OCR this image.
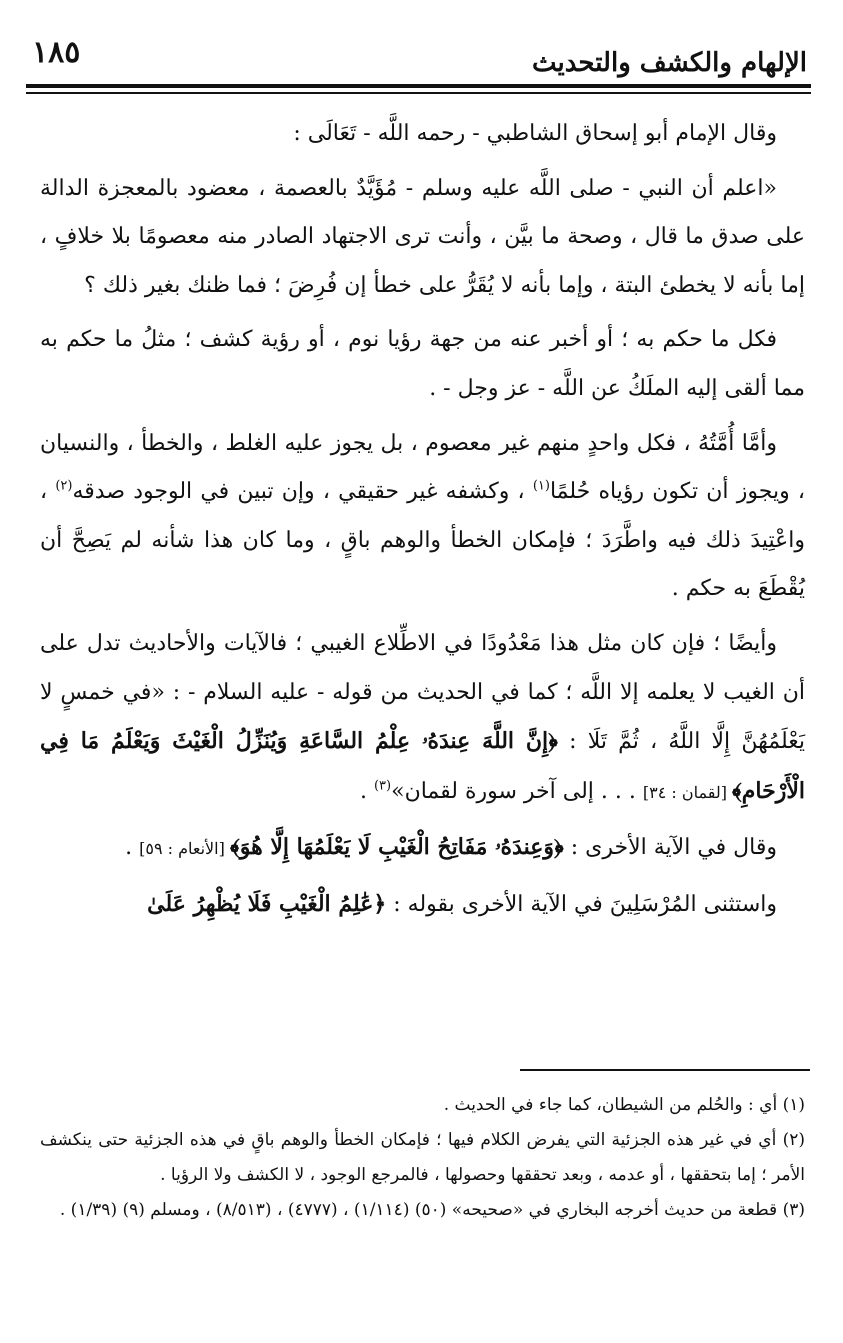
١٨٥	الإلهام والكشف والتحديث

وقال الإمام أبو إسحاق الشاطبي - رحمه اللَّه - تَعَالَى :

«اعلم أن النبي - صلى اللَّه عليه وسلم - مُؤَيَّدٌ بالعصمة ، معضود بالمعجزة الدالة على صدق ما قال ، وصحة ما بيَّن ، وأنت ترى الاجتهاد الصادر منه معصومًا بلا خلافٍ ، إما بأنه لا يخطئ البتة ، وإما بأنه لا يُقَرُّ على خطأ إن فُرِضَ ؛ فما ظنك بغير ذلك ؟

فكل ما حكم به ؛ أو أخبر عنه من جهة رؤيا نوم ، أو رؤية كشف ؛ مثلُ ما حكم به مما ألقى إليه الملَكُ عن اللَّه - عز وجل - .

وأمَّا أُمَّتُهُ ، فكل واحدٍ منهم غير معصوم ، بل يجوز عليه الغلط ، والخطأ ، والنسيان ، ويجوز أن تكون رؤياه حُلمًا$^{(١)}$ ، وكشفه غير حقيقي ، وإن تبين في الوجود صدقه$^{(٢)}$ ، واعْتِيدَ ذلك فيه واطَّرَدَ ؛ فإمكان الخطأ والوهم باقٍ ، وما كان هذا شأنه لم يَصِحَّ أن يُقْطَعَ به حكم .

وأيضًا ؛ فإن كان مثل هذا مَعْدُودًا في الاطِّلاع الغيبي ؛ فالآيات والأحاديث تدل على أن الغيب لا يعلمه إلا اللَّه ؛ كما في الحديث من قوله - عليه السلام - : «في خمسٍ لا يَعْلَمُهُنَّ إِلَّا اللَّهُ ، ثُمَّ تَلَا : ﴿إِنَّ اللَّهَ عِندَهُۥ عِلْمُ السَّاعَةِ وَيُنَزِّلُ الْغَيْثَ وَيَعْلَمُ مَا فِي الْأَرْحَامِ﴾ [لقمان : ٣٤] . . . إلى آخر سورة لقمان»$^{(٣)}$ .

وقال في الآية الأخرى : ﴿وَعِندَهُۥ مَفَاتِحُ الْغَيْبِ لَا يَعْلَمُهَا إِلَّا هُوَ﴾ [الأنعام : ٥٩] .

واستثنى المُرْسَلِينَ في الآية الأخرى بقوله : ﴿عَٰلِمُ الْغَيْبِ فَلَا يُظْهِرُ عَلَىٰ

(١) أي : والحُلم من الشيطان، كما جاء في الحديث .

(٢) أي في غير هذه الجزئية التي يفرض الكلام فيها ؛ فإمكان الخطأ والوهم باقٍ في هذه الجزئية حتى ينكشف الأمر ؛ إما بتحققها ، أو عدمه ، وبعد تحققها وحصولها ، فالمرجع الوجود ، لا الكشف ولا الرؤيا .

(٣) قطعة من حديث أخرجه البخاري في «صحيحه» (٥٠) (١/١١٤) ، (٤٧٧٧) ، (٨/٥١٣) ، ومسلم (٩) (١/٣٩) .
